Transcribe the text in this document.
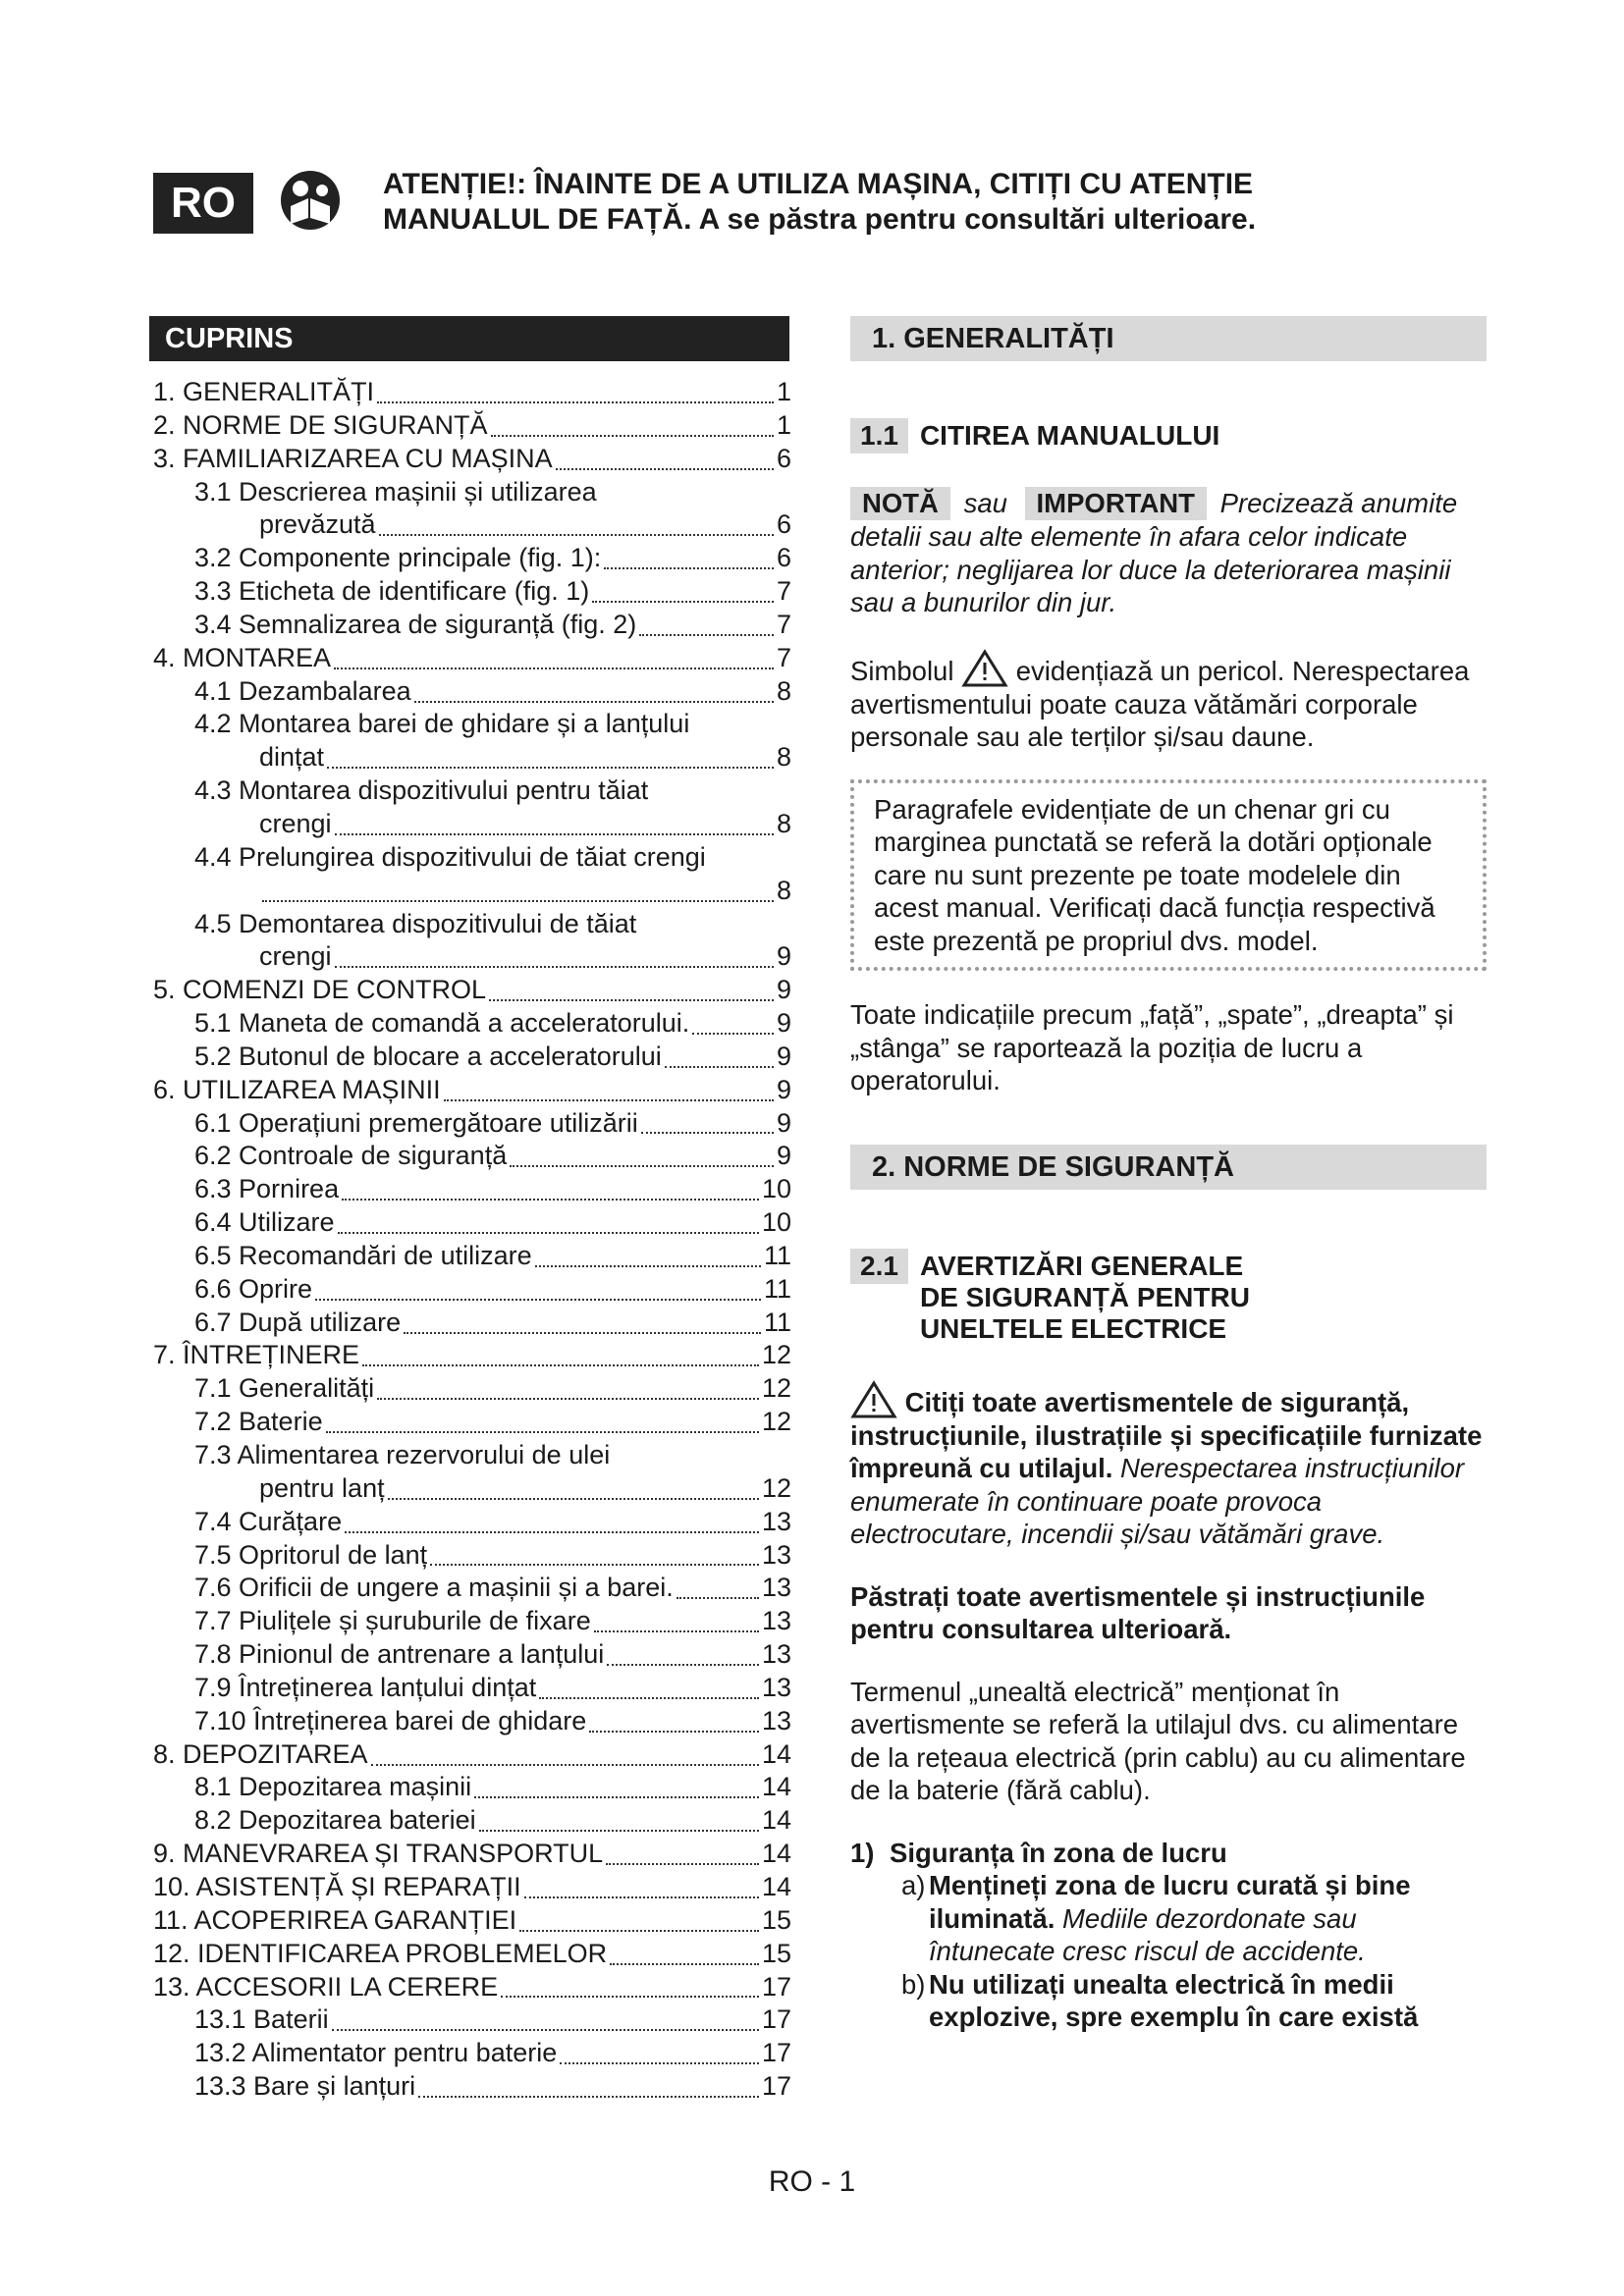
RO	ATENȚIE!: ÎNAINTE DE A UTILIZA MAȘINA, CITIȚI CU ATENȚIE
MANUALUL DE FAȚĂ. A se păstra pentru consultări ulterioare.
CUPRINS
1. GENERALITĂȚI	1
2. NORME DE SIGURANȚĂ	1
3. FAMILIARIZAREA CU MAȘINA	6
3.1 Descrierea mașinii și utilizarea
prevăzută	6
3.2 Componente principale (fig. 1):	6
3.3 Eticheta de identificare (fig. 1)	7
3.4 Semnalizarea de siguranță (fig. 2)	7
4. MONTAREA	7
4.1 Dezambalarea	8
4.2 Montarea barei de ghidare și a lanțului
dințat	8
4.3 Montarea dispozitivului pentru tăiat
crengi	8
4.4 Prelungirea dispozitivului de tăiat crengi
8
4.5 Demontarea dispozitivului de tăiat
crengi	9
5. COMENZI DE CONTROL	9
5.1 Maneta de comandă a acceleratorului.	9
5.2 Butonul de blocare a acceleratorului	9
6. UTILIZAREA MAȘINII	9
6.1 Operațiuni premergătoare utilizării	9
6.2 Controale de siguranță	9
6.3 Pornirea	10
6.4 Utilizare	10
6.5 Recomandări de utilizare	11
6.6 Oprire	11
6.7 După utilizare	11
7. ÎNTREȚINERE	12
7.1 Generalități	12
7.2 Baterie	12
7.3 Alimentarea rezervorului de ulei
pentru lanț	12
7.4 Curățare	13
7.5 Opritorul de lanț	13
7.6 Orificii de ungere a mașinii și a barei.	13
7.7 Piulițele și șuruburile de fixare	13
7.8 Pinionul de antrenare a lanțului	13
7.9 Întreținerea lanțului dințat	13
7.10 Întreținerea barei de ghidare	13
8. DEPOZITAREA	14
8.1 Depozitarea mașinii	14
8.2 Depozitarea bateriei	14
9. MANEVRAREA ȘI TRANSPORTUL	14
10. ASISTENȚĂ ȘI REPARAȚII	14
11. ACOPERIREA GARANȚIEI	15
12. IDENTIFICAREA PROBLEMELOR	15
13. ACCESORII LA CERERE	17
13.1 Baterii	17
13.2 Alimentator pentru baterie	17
13.3 Bare și lanțuri	17
1. GENERALITĂȚI
1.1 CITIREA MANUALULUI

NOTĂ sau IMPORTANT Precizează anumite detalii sau alte elemente în afara celor indicate anterior; neglijarea lor duce la deteriorarea mașinii sau a bunurilor din jur.

Simbolul evidențiază un pericol. Nerespectarea avertismentului poate cauza vătămări corporale personale sau ale terților și/sau daune.

Paragrafele evidențiate de un chenar gri cu marginea punctată se referă la dotări opționale care nu sunt prezente pe toate modelele din acest manual. Verificați dacă funcția respectivă este prezentă pe propriul dvs. model.

Toate indicațiile precum „față”, „spate”, „dreapta” și „stânga” se raportează la poziția de lucru a operatorului.

2. NORME DE SIGURANȚĂ
2.1 AVERTIZĂRI GENERALE DE SIGURANȚĂ PENTRU UNELTELE ELECTRICE

Citiți toate avertismentele de siguranță, instrucțiunile, ilustrațiile și specificațiile furnizate împreună cu utilajul. Nerespectarea instrucțiunilor enumerate în continuare poate provoca electrocutare, incendii și/sau vătămări grave.

Păstrați toate avertismentele și instrucțiunile pentru consultarea ulterioară.

Termenul „unealtă electrică” menționat în avertismente se referă la utilajul dvs. cu alimentare de la rețeaua electrică (prin cablu) au cu alimentare de la baterie (fără cablu).

1) Siguranța în zona de lucru
a) Mențineți zona de lucru curată și bine iluminată. Mediile dezordonate sau întunecate cresc riscul de accidente.
b) Nu utilizați unealta electrică în medii explozive, spre exemplu în care există
RO - 1
